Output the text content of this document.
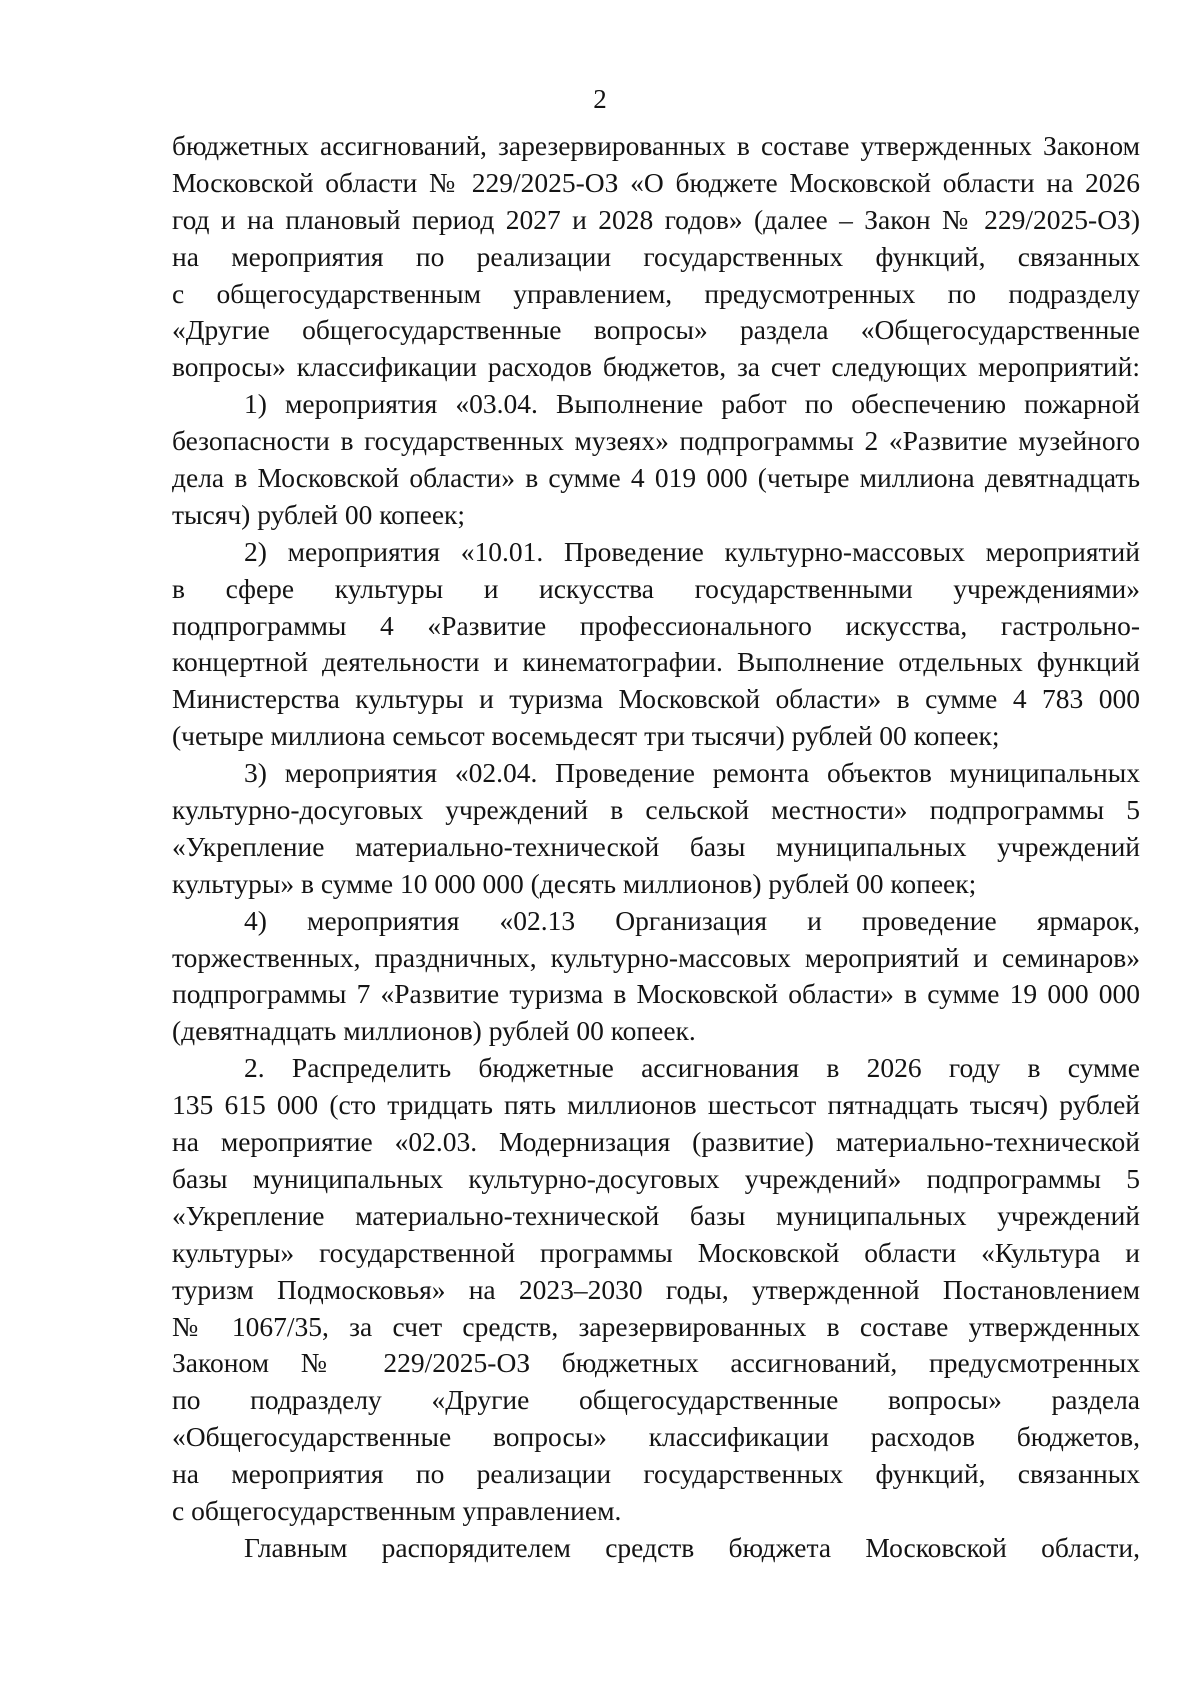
2
бюджетных ассигнований, зарезервированных в составе утвержденных Законом
Московской области № 229/2025-ОЗ «О бюджете Московской области на 2026
год и на плановый период 2027 и 2028 годов» (далее – Закон № 229/2025-ОЗ)
на мероприятия по реализации государственных функций, связанных
с общегосударственным управлением, предусмотренных по подразделу
«Другие общегосударственные вопросы» раздела «Общегосударственные
вопросы» классификации расходов бюджетов, за счет следующих мероприятий:
1) мероприятия «03.04. Выполнение работ по обеспечению пожарной
безопасности в государственных музеях» подпрограммы 2 «Развитие музейного
дела в Московской области» в сумме 4 019 000 (четыре миллиона девятнадцать
тысяч) рублей 00 копеек;
2) мероприятия «10.01. Проведение культурно-массовых мероприятий
в сфере культуры и искусства государственными учреждениями»
подпрограммы 4 «Развитие профессионального искусства, гастрольно-
концертной деятельности и кинематографии. Выполнение отдельных функций
Министерства культуры и туризма Московской области» в сумме 4 783 000
(четыре миллиона семьсот восемьдесят три тысячи) рублей 00 копеек;
3) мероприятия «02.04. Проведение ремонта объектов муниципальных
культурно-досуговых учреждений в сельской местности» подпрограммы 5
«Укрепление материально-технической базы муниципальных учреждений
культуры» в сумме 10 000 000 (десять миллионов) рублей 00 копеек;
4) мероприятия «02.13 Организация и проведение ярмарок,
торжественных, праздничных, культурно-массовых мероприятий и семинаров»
подпрограммы 7 «Развитие туризма в Московской области» в сумме 19 000 000
(девятнадцать миллионов) рублей 00 копеек.
2. Распределить бюджетные ассигнования в 2026 году в сумме
135 615 000 (сто тридцать пять миллионов шестьсот пятнадцать тысяч) рублей
на мероприятие «02.03. Модернизация (развитие) материально-технической
базы муниципальных культурно-досуговых учреждений» подпрограммы 5
«Укрепление материально-технической базы муниципальных учреждений
культуры» государственной программы Московской области «Культура и
туризм Подмосковья» на 2023–2030 годы, утвержденной Постановлением
№ 1067/35, за счет средств, зарезервированных в составе утвержденных
Законом № 229/2025-ОЗ бюджетных ассигнований, предусмотренных
по подразделу «Другие общегосударственные вопросы» раздела
«Общегосударственные вопросы» классификации расходов бюджетов,
на мероприятия по реализации государственных функций, связанных
с общегосударственным управлением.
Главным распорядителем средств бюджета Московской области,
